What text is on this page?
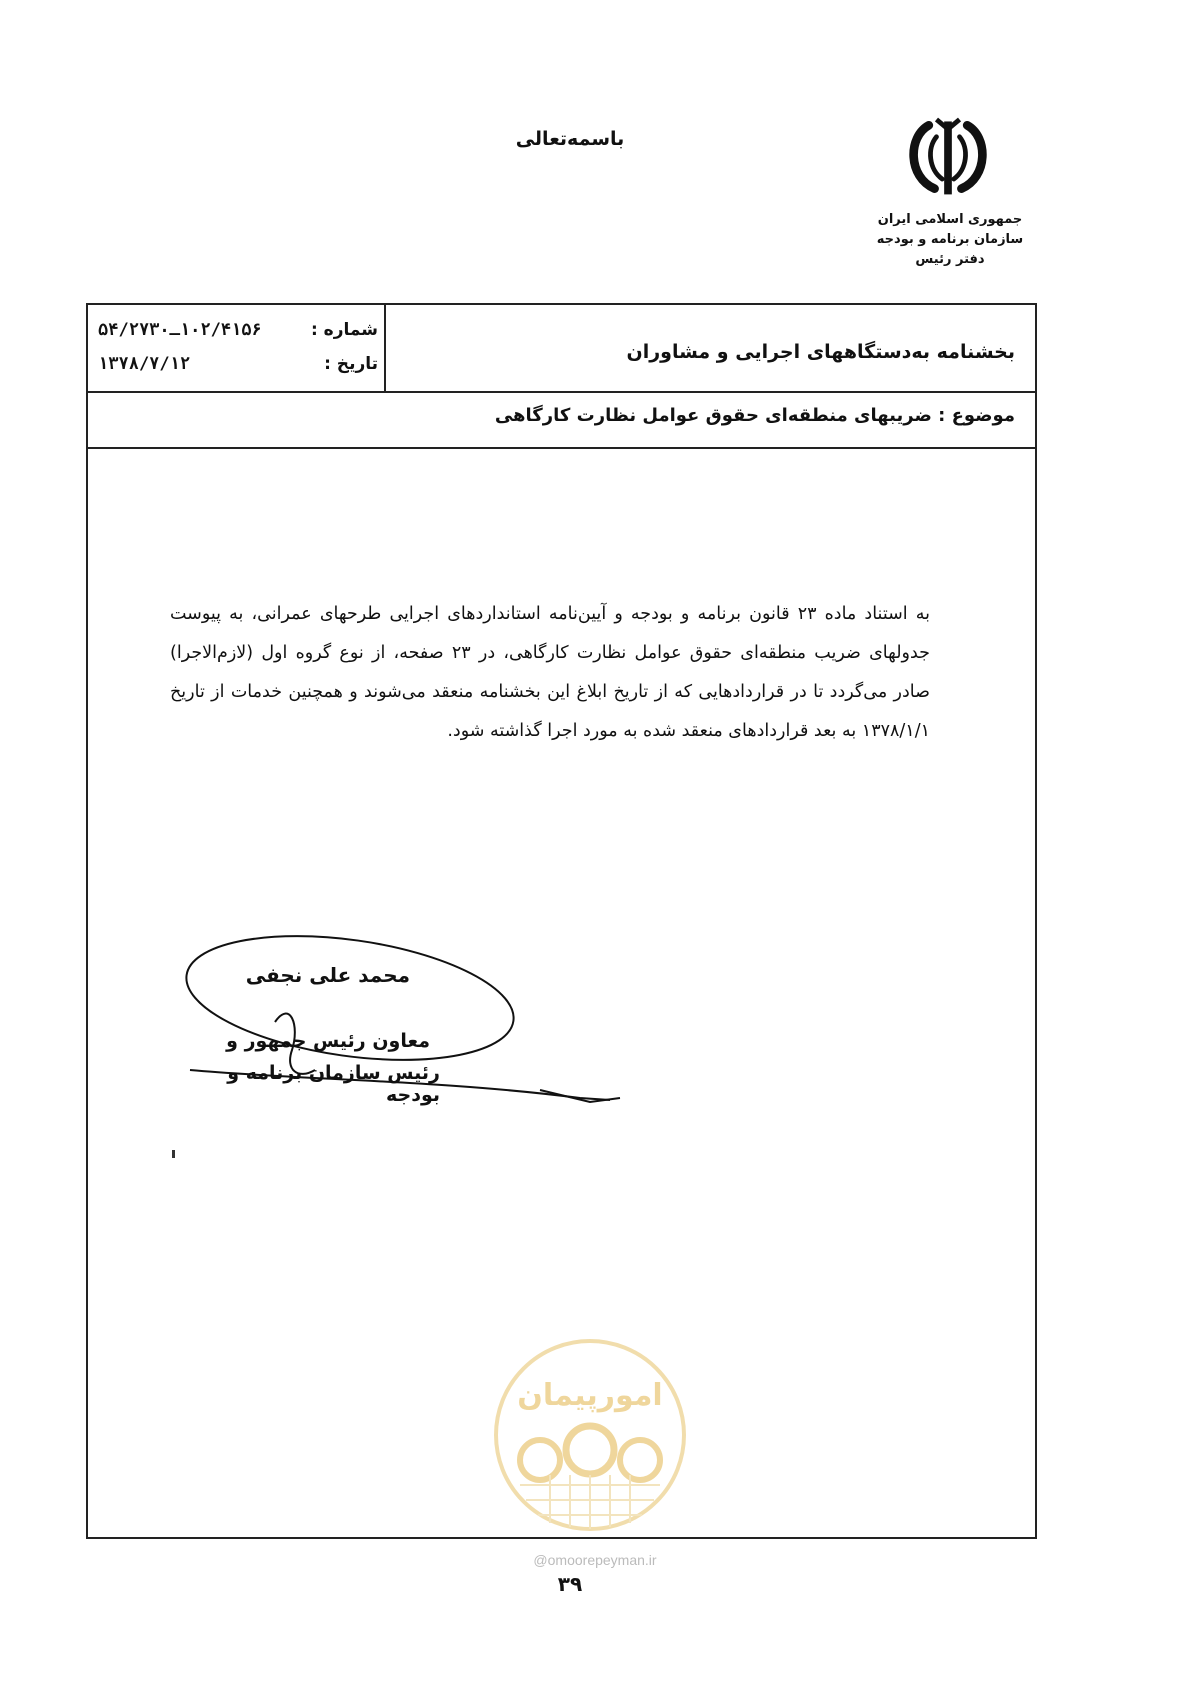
باسمه‌تعالی
جمهوری اسلامی ایران
سازمان برنامه و بودجه
دفتر رئیس
شماره :
۱۰۲/۴۱۵۶ـ۵۴/۲۷۳۰
تاریخ :
۱۳۷۸/۷/۱۲
بخشنامه به‌دستگاههای اجرایی و مشاوران
موضوع : ضریبهای منطقه‌ای حقوق عوامل نظارت کارگاهی
به استناد ماده ۲۳ قانون برنامه و بودجه و آیین‌نامه استانداردهای اجرایی طرحهای عمرانی، به پیوست جدولهای ضریب منطقه‌ای حقوق عوامل نظارت کارگاهی، در ۲۳ صفحه، از نوع گروه اول (لازم‌الاجرا) صادر می‌گردد تا در قراردادهایی که از تاریخ ابلاغ این بخشنامه منعقد می‌شوند و همچنین خدمات از تاریخ ۱۳۷۸/۱/۱ به بعد قراردادهای منعقد شده به مورد اجرا گذاشته شود.
محمد علی نجفی
معاون رئیس جمهور و
رئیس سازمان برنامه و بودجه
امورپیمان
@omoorepeyman.ir
۳۹
